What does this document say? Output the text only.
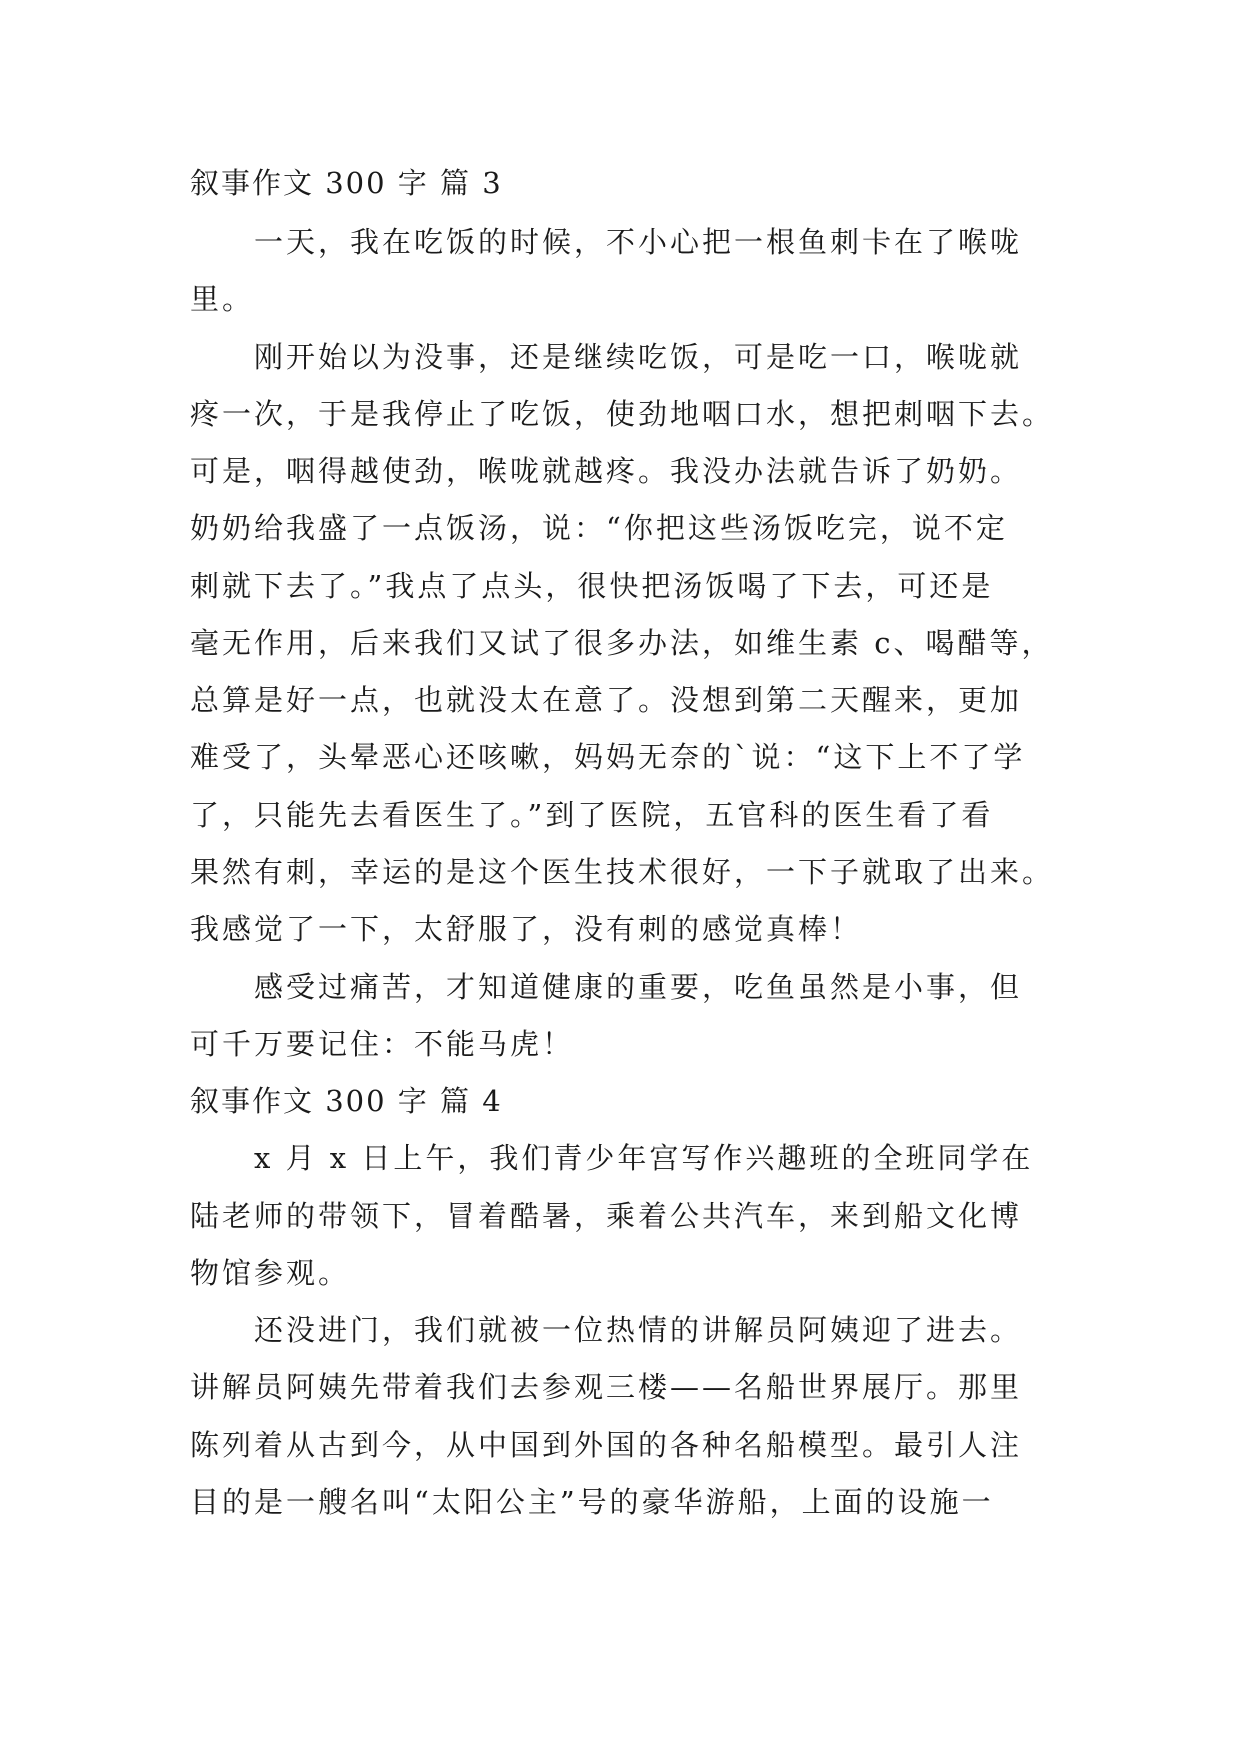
叙事作文 300 字 篇 3

一天，我在吃饭的时候，不小心把一根鱼刺卡在了喉咙

里。

刚开始以为没事，还是继续吃饭，可是吃一口，喉咙就

疼一次，于是我停止了吃饭，使劲地咽口水，想把刺咽下去。

可是，咽得越使劲，喉咙就越疼。我没办法就告诉了奶奶。

奶奶给我盛了一点饭汤，说：“你把这些汤饭吃完，说不定

刺就下去了。”我点了点头，很快把汤饭喝了下去，可还是

毫无作用，后来我们又试了很多办法，如维生素 c、喝醋等，

总算是好一点，也就没太在意了。没想到第二天醒来，更加

难受了，头晕恶心还咳嗽，妈妈无奈的`说：“这下上不了学

了，只能先去看医生了。”到了医院，五官科的医生看了看

果然有刺，幸运的是这个医生技术很好，一下子就取了出来。

我感觉了一下，太舒服了，没有刺的感觉真棒！

感受过痛苦，才知道健康的重要，吃鱼虽然是小事，但

可千万要记住：不能马虎！

叙事作文 300 字 篇 4

x 月 x 日上午，我们青少年宫写作兴趣班的全班同学在

陆老师的带领下，冒着酷暑，乘着公共汽车，来到船文化博

物馆参观。

还没进门，我们就被一位热情的讲解员阿姨迎了进去。

讲解员阿姨先带着我们去参观三楼——名船世界展厅。那里

陈列着从古到今，从中国到外国的各种名船模型。最引人注

目的是一艘名叫“太阳公主”号的豪华游船，上面的设施一
